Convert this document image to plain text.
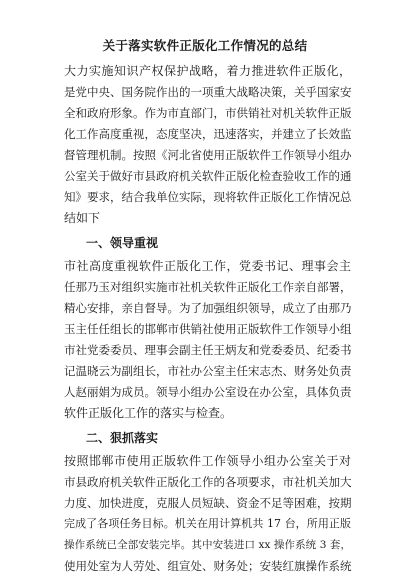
关于落实软件正版化工作情况的总结
大力实施知识产权保护战略，着力推进软件正版化，
是党中央、国务院作出的一项重大战略决策，关乎国家安
全和政府形象。作为市直部门，市供销社对机关软件正版
化工作高度重视，态度坚决，迅速落实，并建立了长效监
督管理机制。按照《河北省使用正版软件工作领导小组办
公室关于做好市县政府机关软件正版化检查验收工作的通
知》要求，结合我单位实际，现将软件正版化工作情况总
结如下
一、领导重视
市社高度重视软件正版化工作，党委书记、理事会主
任那乃玉对组织实施市社机关软件正版化工作亲自部署，
精心安排，亲自督导。为了加强组织领导，成立了由那乃
玉主任任组长的邯郸市供销社使用正版软件工作领导小组
市社党委委员、理事会副主任王炳友和党委委员、纪委书
记温晓云为副组长，市社办公室主任宋志杰、财务处负责
人赵丽娟为成员。领导小组办公室设在办公室，具体负责
软件正版化工作的落实与检查。
二、狠抓落实
按照邯郸市使用正版软件工作领导小组办公室关于对
市县政府机关软件正版化工作的各项要求，市社机关加大
力度、加快进度，克服人员短缺、资金不足等困难，按期
完成了各项任务目标。机关在用计算机共 17 台，所用正版
操作系统已全部安装完毕。其中安装进口 xx 操作系统 3 套，
使用处室为人劳处、组宣处、财务处；安装红旗操作系统
